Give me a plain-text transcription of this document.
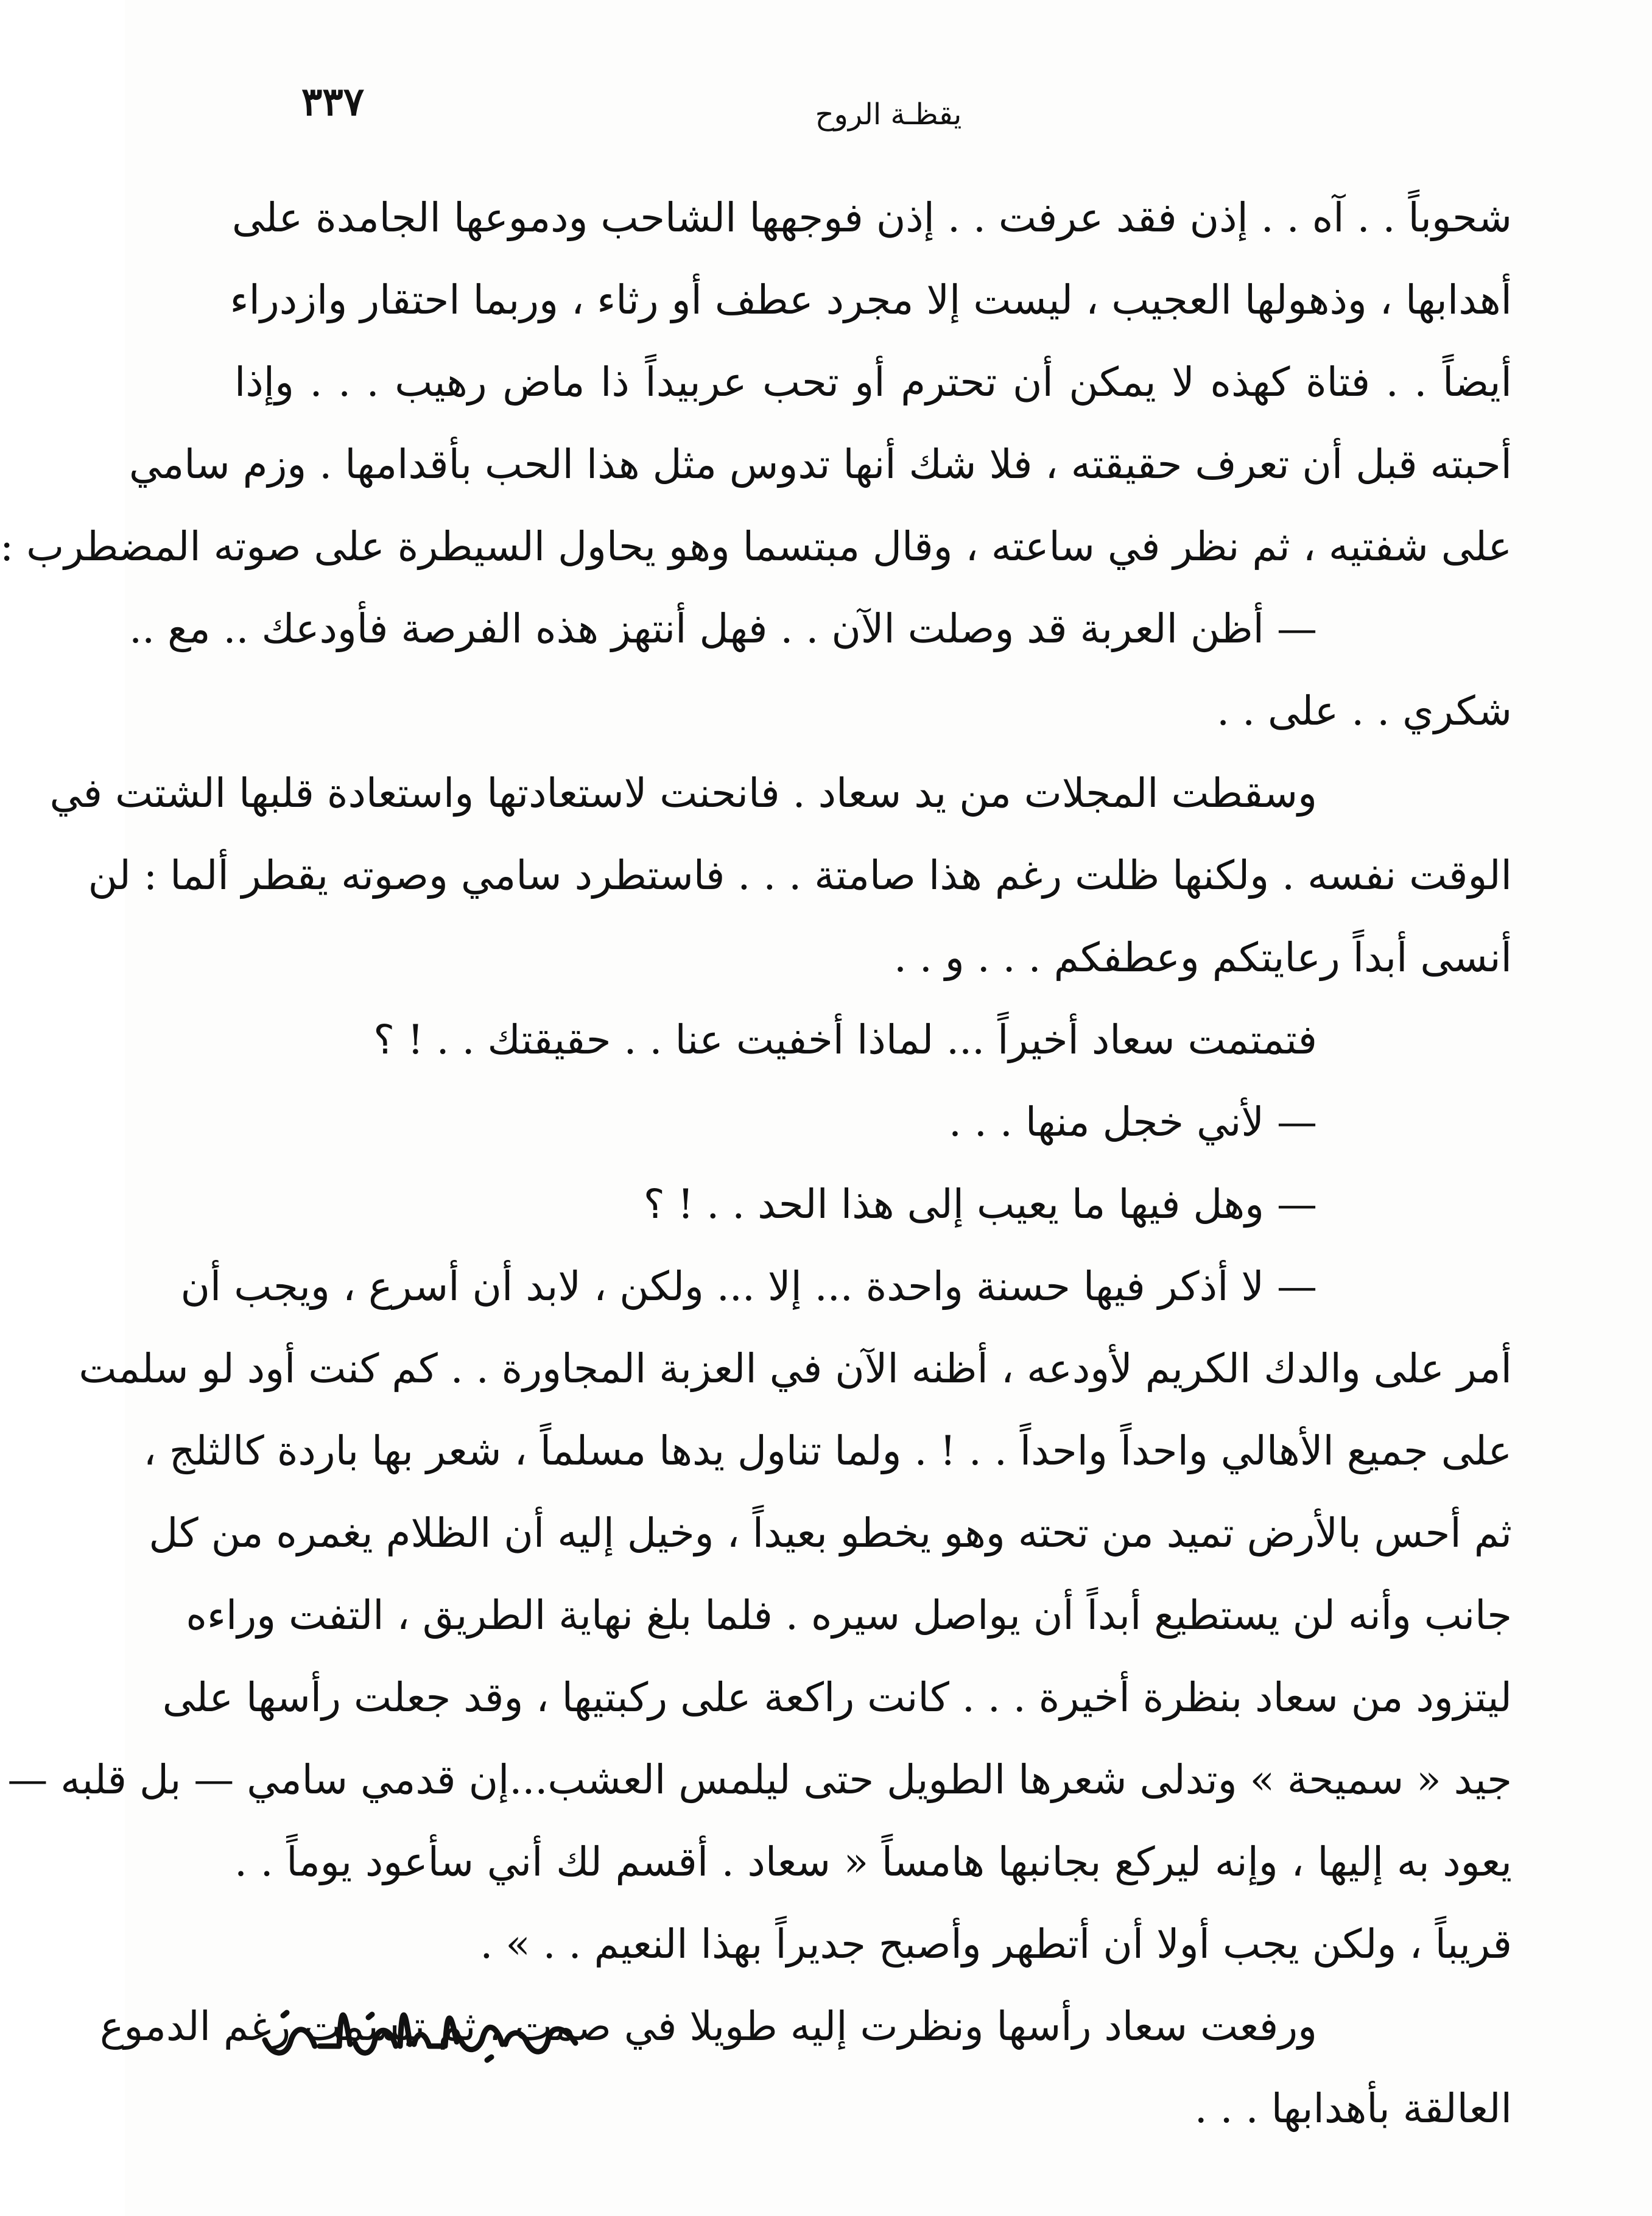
٣٣٧	يقظـة الروح
شحوباً . . آه . . إذن فقد عرفت . . إذن فوجهها الشاحب ودموعها الجامدة على
أهدابها ، وذهولها العجيب ، ليست إلا مجرد عطف أو رثاء ، وربما احتقار وازدراء
أيضاً . . فتاة كهذه لا يمكن أن تحترم أو تحب عربيداً ذا ماض رهيب . . . وإذا
أحبته قبل أن تعرف حقيقته ، فلا شك أنها تدوس مثل هذا الحب بأقدامها . وزم سامي
على شفتيه ، ثم نظر في ساعته ، وقال مبتسما وهو يحاول السيطرة على صوته المضطرب :
— أظن العربة قد وصلت الآن . . فهل أنتهز هذه الفرصة فأودعك .. مع ..
شكري . . على . .
وسقطت المجلات من يد سعاد . فانحنت لاستعادتها واستعادة قلبها الشتت في
الوقت نفسه . ولكنها ظلت رغم هذا صامتة . . . فاستطرد سامي وصوته يقطر ألما : لن
أنسى أبداً رعايتكم وعطفكم . . . و . .
فتمتمت سعاد أخيراً ... لماذا أخفيت عنا . . حقيقتك . . ! ؟
— لأني خجل منها . . .
— وهل فيها ما يعيب إلى هذا الحد . . ! ؟
— لا أذكر فيها حسنة واحدة ... إلا ... ولكن ، لابد أن أسرع ، ويجب أن
أمر على والدك الكريم لأودعه ، أظنه الآن في العزبة المجاورة . . كم كنت أود لو سلمت
على جميع الأهالي واحداً واحداً . . ! . ولما تناول يدها مسلماً ، شعر بها باردة كالثلج ،
ثم أحس بالأرض تميد من تحته وهو يخطو بعيداً ، وخيل إليه أن الظلام يغمره من كل
جانب وأنه لن يستطيع أبداً أن يواصل سيره . فلما بلغ نهاية الطريق ، التفت وراءه
ليتزود من سعاد بنظرة أخيرة . . . كانت راكعة على ركبتيها ، وقد جعلت رأسها على
جيد « سميحة » وتدلى شعرها الطويل حتى ليلمس العشب...إن قدمي سامي — بل قلبه —
يعود به إليها ، وإنه ليركع بجانبها هامساً « سعاد . أقسم لك أني سأعود يوماً . .
قريباً ، ولكن يجب أولا أن أتطهر وأصبح جديراً بهذا النعيم . . » .
ورفعت سعاد رأسها ونظرت إليه طويلا في صمت ، ثم تبسمت رغم الدموع
العالقة بأهدابها . . .
